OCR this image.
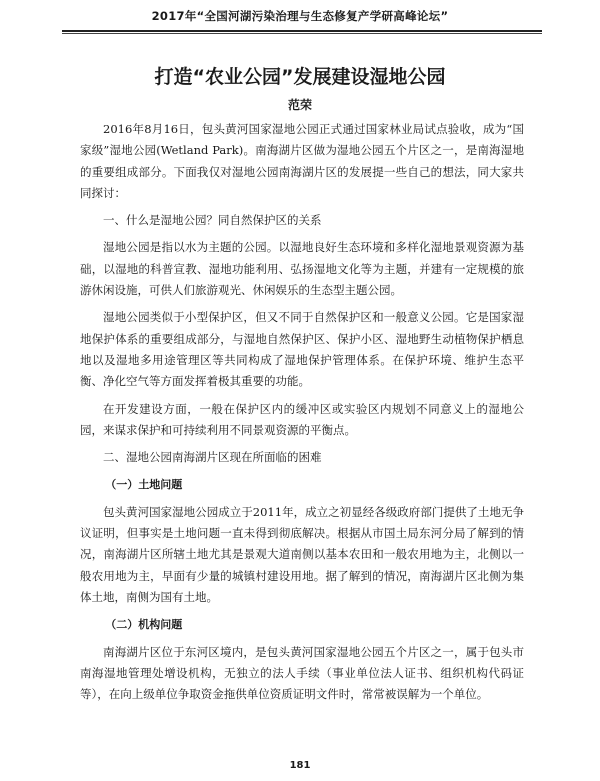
2017年“全国河湖污染治理与生态修复产学研高峰论坛”
打造“农业公园”发展建设湿地公园
范荣

2016年8月16日，包头黄河国家湿地公园正式通过国家林业局试点验收，成为“国家级”湿地公园(Wetland Park)。南海湖片区做为湿地公园五个片区之一，是南海湿地的重要组成部分。下面我仅对湿地公园南海湖片区的发展提一些自己的想法，同大家共同探讨：

一、什么是湿地公园？同自然保护区的关系

湿地公园是指以水为主题的公园。以湿地良好生态环境和多样化湿地景观资源为基础，以湿地的科普宣教、湿地功能利用、弘扬湿地文化等为主题，并建有一定规模的旅游休闲设施，可供人们旅游观光、休闲娱乐的生态型主题公园。

湿地公园类似于小型保护区，但又不同于自然保护区和一般意义公园。它是国家湿地保护体系的重要组成部分，与湿地自然保护区、保护小区、湿地野生动植物保护栖息地以及湿地多用途管理区等共同构成了湿地保护管理体系。在保护环境、维护生态平衡、净化空气等方面发挥着极其重要的功能。

在开发建设方面，一般在保护区内的缓冲区或实验区内规划不同意义上的湿地公园，来谋求保护和可持续利用不同景观资源的平衡点。

二、湿地公园南海湖片区现在所面临的困难

（一）土地问题

包头黄河国家湿地公园成立于2011年，成立之初显经各级政府部门提供了土地无争议证明，但事实是土地问题一直未得到彻底解决。根据从市国土局东河分局了解到的情况，南海湖片区所辖土地尤其是景观大道南侧以基本农田和一般农用地为主，北侧以一般农用地为主，早面有少量的城镇村建设用地。据了解到的情况，南海湖片区北侧为集体土地，南侧为国有土地。

（二）机构问题

南海湖片区位于东河区境内，是包头黄河国家湿地公园五个片区之一，属于包头市南海湿地管理处增设机构，无独立的法人手续（事业单位法人证书、组织机构代码证等），在向上级单位争取资金拖供单位资质证明文件时，常常被误解为一个单位。

181
